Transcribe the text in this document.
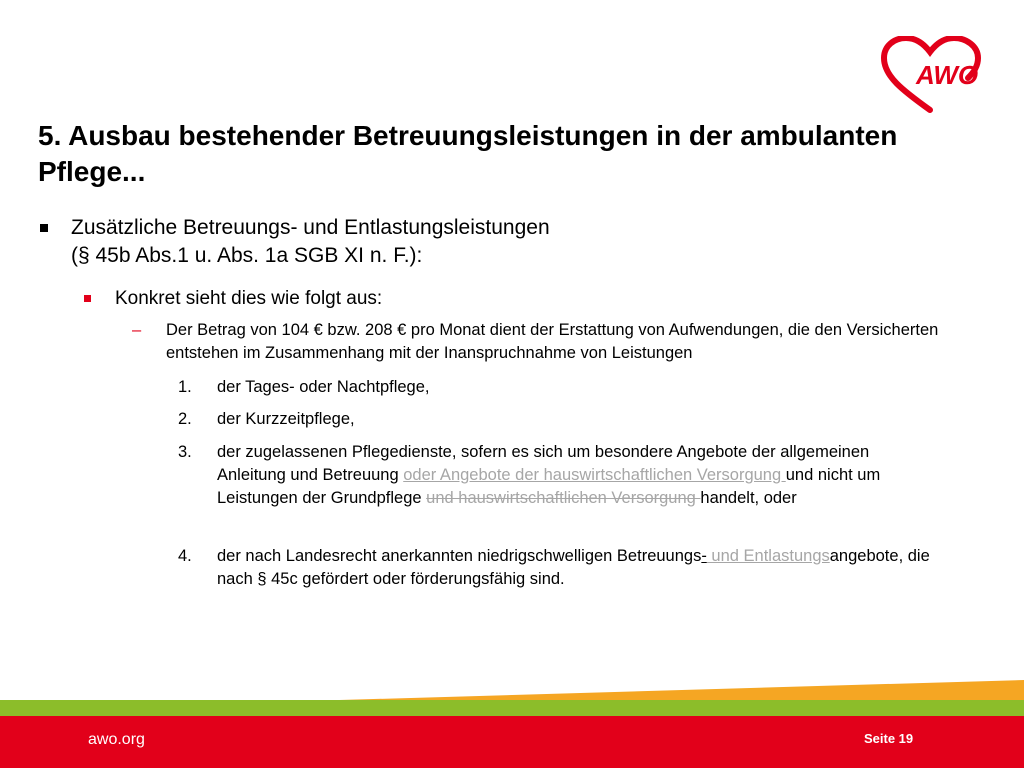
AWO
5. Ausbau bestehender Betreuungsleistungen in der ambulanten Pflege...
Zusätzliche Betreuungs- und Entlastungsleistungen
(§ 45b Abs.1 u. Abs. 1a SGB XI n. F.):
Konkret sieht dies wie folgt aus:
– Der Betrag von 104 € bzw. 208 € pro Monat dient der Erstattung von Aufwendungen, die den Versicherten entstehen im Zusammenhang mit der Inanspruchnahme von Leistungen
1. der Tages- oder Nachtpflege,
2. der Kurzzeitpflege,
3. der zugelassenen Pflegedienste, sofern es sich um besondere Angebote der allgemeinen Anleitung und Betreuung oder Angebote der hauswirtschaftlichen Versorgung und nicht um Leistungen der Grundpflege und hauswirtschaftlichen Versorgung handelt, oder
4. der nach Landesrecht anerkannten niedrigschwelligen Betreuungs- und Entlastungsangebote, die nach § 45c gefördert oder förderungsfähig sind.
awo.org	Seite 19
